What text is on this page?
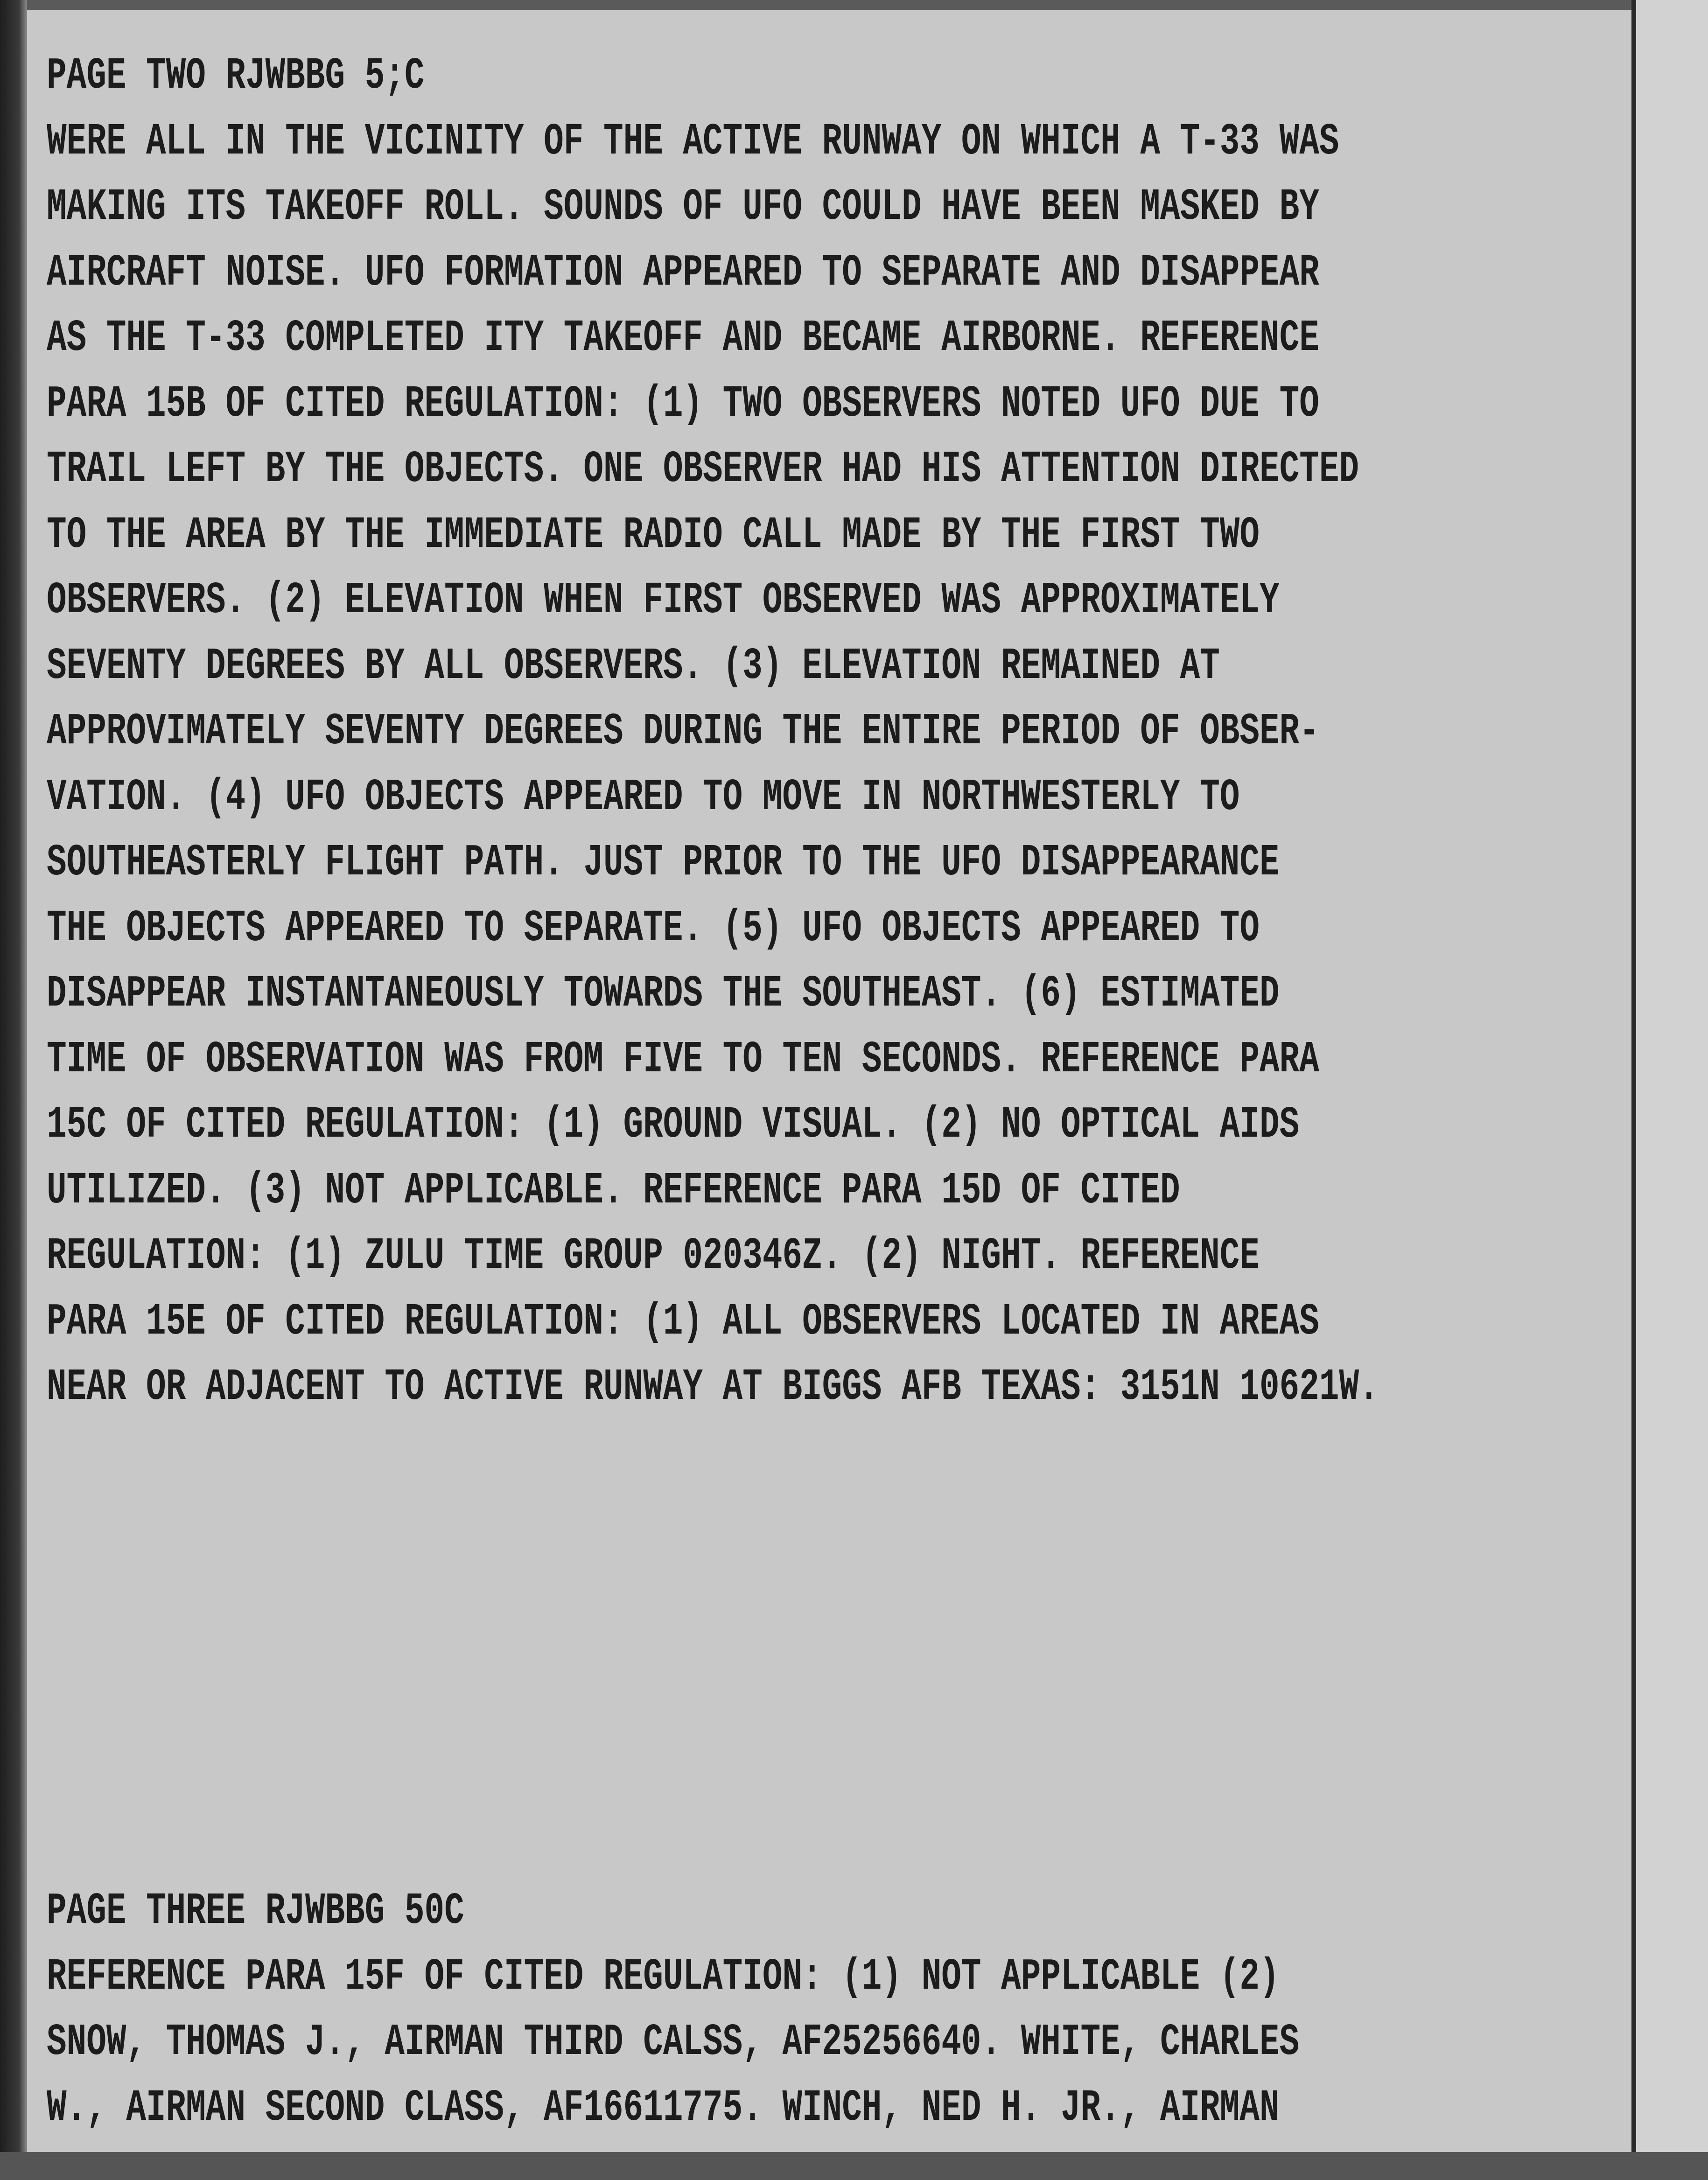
PAGE TWO RJWBBG 5;C
WERE ALL IN THE VICINITY OF THE ACTIVE RUNWAY ON WHICH A T-33 WAS
MAKING ITS TAKEOFF ROLL. SOUNDS OF UFO COULD HAVE BEEN MASKED BY
AIRCRAFT NOISE. UFO FORMATION APPEARED TO SEPARATE AND DISAPPEAR
AS THE T-33 COMPLETED ITY TAKEOFF AND BECAME AIRBORNE. REFERENCE
PARA 15B OF CITED REGULATION: (1) TWO OBSERVERS NOTED UFO DUE TO
TRAIL LEFT BY THE OBJECTS. ONE OBSERVER HAD HIS ATTENTION DIRECTED
TO THE AREA BY THE IMMEDIATE RADIO CALL MADE BY THE FIRST TWO
OBSERVERS. (2) ELEVATION WHEN FIRST OBSERVED WAS APPROXIMATELY
SEVENTY DEGREES BY ALL OBSERVERS. (3) ELEVATION REMAINED AT
APPROVIMATELY SEVENTY DEGREES DURING THE ENTIRE PERIOD OF OBSER-
VATION. (4) UFO OBJECTS APPEARED TO MOVE IN NORTHWESTERLY TO
SOUTHEASTERLY FLIGHT PATH. JUST PRIOR TO THE UFO DISAPPEARANCE
THE OBJECTS APPEARED TO SEPARATE. (5) UFO OBJECTS APPEARED TO
DISAPPEAR INSTANTANEOUSLY TOWARDS THE SOUTHEAST. (6) ESTIMATED
TIME OF OBSERVATION WAS FROM FIVE TO TEN SECONDS. REFERENCE PARA
15C OF CITED REGULATION: (1) GROUND VISUAL. (2) NO OPTICAL AIDS
UTILIZED. (3) NOT APPLICABLE. REFERENCE PARA 15D OF CITED
REGULATION: (1) ZULU TIME GROUP 020346Z. (2) NIGHT. REFERENCE
PARA 15E OF CITED REGULATION: (1) ALL OBSERVERS LOCATED IN AREAS
NEAR OR ADJACENT TO ACTIVE RUNWAY AT BIGGS AFB TEXAS: 3151N 10621W.
PAGE THREE RJWBBG 50C
REFERENCE PARA 15F OF CITED REGULATION: (1) NOT APPLICABLE (2)
SNOW, THOMAS J., AIRMAN THIRD CALSS, AF25256640. WHITE, CHARLES
W., AIRMAN SECOND CLASS, AF16611775. WINCH, NED H. JR., AIRMAN
